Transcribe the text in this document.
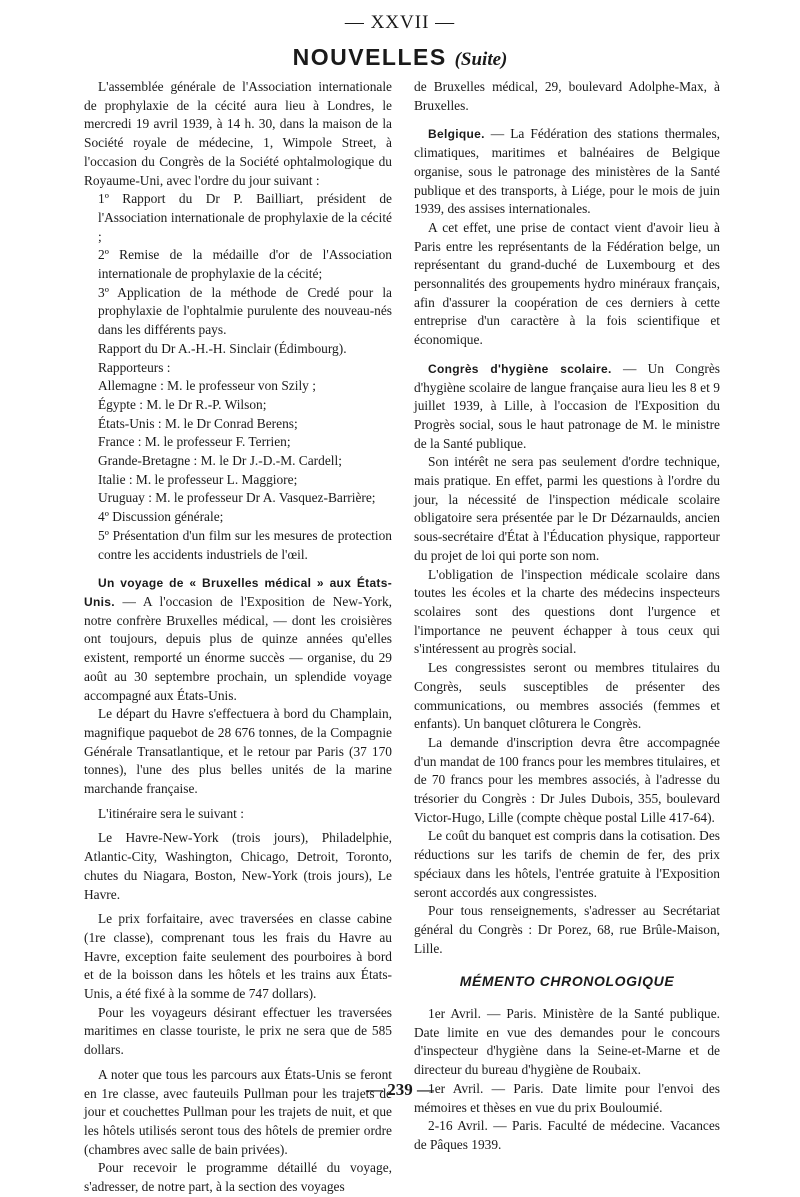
— XXVII —
NOUVELLES (Suite)

L'assemblée générale de l'Association internationale de prophylaxie de la cécité aura lieu à Londres, le mercredi 19 avril 1939, à 14 h. 30, dans la maison de la Société royale de médecine, 1, Wimpole Street, à l'occasion du Congrès de la Société ophtalmologique du Royaume-Uni, avec l'ordre du jour suivant :

1º Rapport du Dr P. Bailliart, président de l'Association internationale de prophylaxie de la cécité ;

2º Remise de la médaille d'or de l'Association internationale de prophylaxie de la cécité;

3º Application de la méthode de Credé pour la prophylaxie de l'ophtalmie purulente des nouveau-nés dans les différents pays.

Rapport du Dr A.-H.-H. Sinclair (Édimbourg).

Rapporteurs :

Allemagne : M. le professeur von Szily ;

Égypte : M. le Dr R.-P. Wilson;

États-Unis : M. le Dr Conrad Berens;

France : M. le professeur F. Terrien;

Grande-Bretagne : M. le Dr J.-D.-M. Cardell;

Italie : M. le professeur L. Maggiore;

Uruguay : M. le professeur Dr A. Vasquez-Barrière;

4º Discussion générale;

5º Présentation d'un film sur les mesures de protection contre les accidents industriels de l'œil.

Un voyage de « Bruxelles médical » aux États-Unis. — A l'occasion de l'Exposition de New-York, notre confrère Bruxelles médical, — dont les croisières ont toujours, depuis plus de quinze années qu'elles existent, remporté un énorme succès — organise, du 29 août au 30 septembre prochain, un splendide voyage accompagné aux États-Unis.

Le départ du Havre s'effectuera à bord du Champlain, magnifique paquebot de 28 676 tonnes, de la Compagnie Générale Transatlantique, et le retour par Paris (37 170 tonnes), l'une des plus belles unités de la marine marchande française.

L'itinéraire sera le suivant :

Le Havre-New-York (trois jours), Philadelphie, Atlantic-City, Washington, Chicago, Detroit, Toronto, chutes du Niagara, Boston, New-York (trois jours), Le Havre.

Le prix forfaitaire, avec traversées en classe cabine (1re classe), comprenant tous les frais du Havre au Havre, exception faite seulement des pourboires à bord et de la boisson dans les hôtels et les trains aux États-Unis, a été fixé à la somme de 747 dollars).

Pour les voyageurs désirant effectuer les traversées maritimes en classe touriste, le prix ne sera que de 585 dollars.

A noter que tous les parcours aux États-Unis se feront en 1re classe, avec fauteuils Pullman pour les trajets de jour et couchettes Pullman pour les trajets de nuit, et que les hôtels utilisés seront tous des hôtels de premier ordre (chambres avec salle de bain privées).

Pour recevoir le programme détaillé du voyage, s'adresser, de notre part, à la section des voyages

de Bruxelles médical, 29, boulevard Adolphe-Max, à Bruxelles.

Belgique. — La Fédération des stations thermales, climatiques, maritimes et balnéaires de Belgique organise, sous le patronage des ministères de la Santé publique et des transports, à Liége, pour le mois de juin 1939, des assises internationales.

A cet effet, une prise de contact vient d'avoir lieu à Paris entre les représentants de la Fédération belge, un représentant du grand-duché de Luxembourg et des personnalités des groupements hydro minéraux français, afin d'assurer la coopération de ces derniers à cette entreprise d'un caractère à la fois scientifique et économique.

Congrès d'hygiène scolaire. — Un Congrès d'hygiène scolaire de langue française aura lieu les 8 et 9 juillet 1939, à Lille, à l'occasion de l'Exposition du Progrès social, sous le haut patronage de M. le ministre de la Santé publique.

Son intérêt ne sera pas seulement d'ordre technique, mais pratique. En effet, parmi les questions à l'ordre du jour, la nécessité de l'inspection médicale scolaire obligatoire sera présentée par le Dr Dézarnaulds, ancien sous-secrétaire d'État à l'Éducation physique, rapporteur du projet de loi qui porte son nom.

L'obligation de l'inspection médicale scolaire dans toutes les écoles et la charte des médecins inspecteurs scolaires sont des questions dont l'urgence et l'importance ne peuvent échapper à tous ceux qui s'intéressent au progrès social.

Les congressistes seront ou membres titulaires du Congrès, seuls susceptibles de présenter des communications, ou membres associés (femmes et enfants). Un banquet clôturera le Congrès.

La demande d'inscription devra être accompagnée d'un mandat de 100 francs pour les membres titulaires, et de 70 francs pour les membres associés, à l'adresse du trésorier du Congrès : Dr Jules Dubois, 355, boulevard Victor-Hugo, Lille (compte chèque postal Lille 417-64).

Le coût du banquet est compris dans la cotisation. Des réductions sur les tarifs de chemin de fer, des prix spéciaux dans les hôtels, l'entrée gratuite à l'Exposition seront accordés aux congressistes.

Pour tous renseignements, s'adresser au Secrétariat général du Congrès : Dr Porez, 68, rue Brûle-Maison, Lille.

MÉMENTO CHRONOLOGIQUE

1er Avril. — Paris. Ministère de la Santé publique. Date limite en vue des demandes pour le concours d'inspecteur d'hygiène dans la Seine-et-Marne et de directeur du bureau d'hygiène de Roubaix.

1er Avril. — Paris. Date limite pour l'envoi des mémoires et thèses en vue du prix Bouloumié.

2-16 Avril. — Paris. Faculté de médecine. Vacances de Pâques 1939.

— 239 —
